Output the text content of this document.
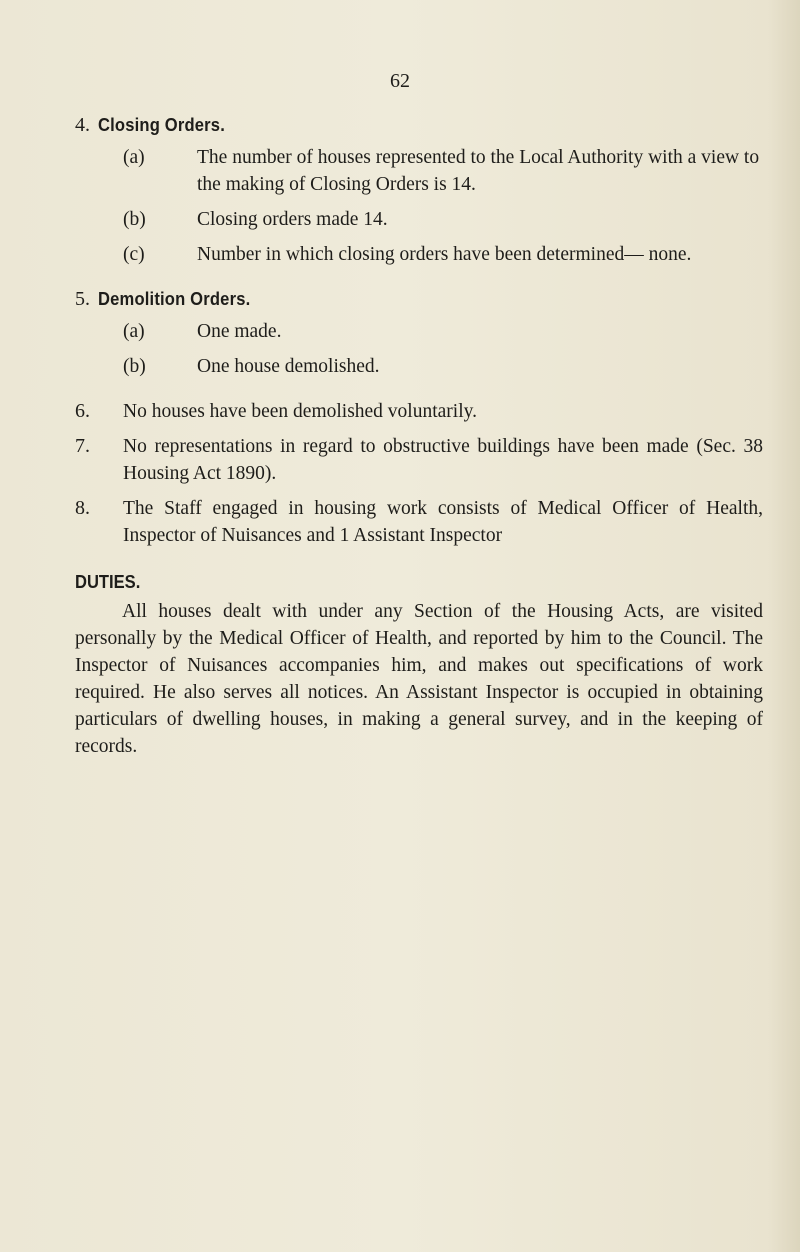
62
4. Closing Orders.
(a)	The number of houses represented to the Local Authority with a view to the making of Closing Orders is 14.
(b)	Closing orders made 14.
(c)	Number in which closing orders have been determined— none.
5. Demolition Orders.
(a)	One made.
(b)	One house demolished.
6. No houses have been demolished voluntarily.
7. No representations in regard to obstructive buildings have been made (Sec. 38 Housing Act 1890).
8. The Staff engaged in housing work consists of Medical Officer of Health, Inspector of Nuisances and 1 Assistant Inspector
DUTIES.
All houses dealt with under any Section of the Housing Acts, are visited personally by the Medical Officer of Health, and reported by him to the Council. The Inspector of Nuisances accompanies him, and makes out specifications of work required. He also serves all notices. An Assistant Inspector is occupied in obtaining particulars of dwelling houses, in making a general survey, and in the keeping of records.
